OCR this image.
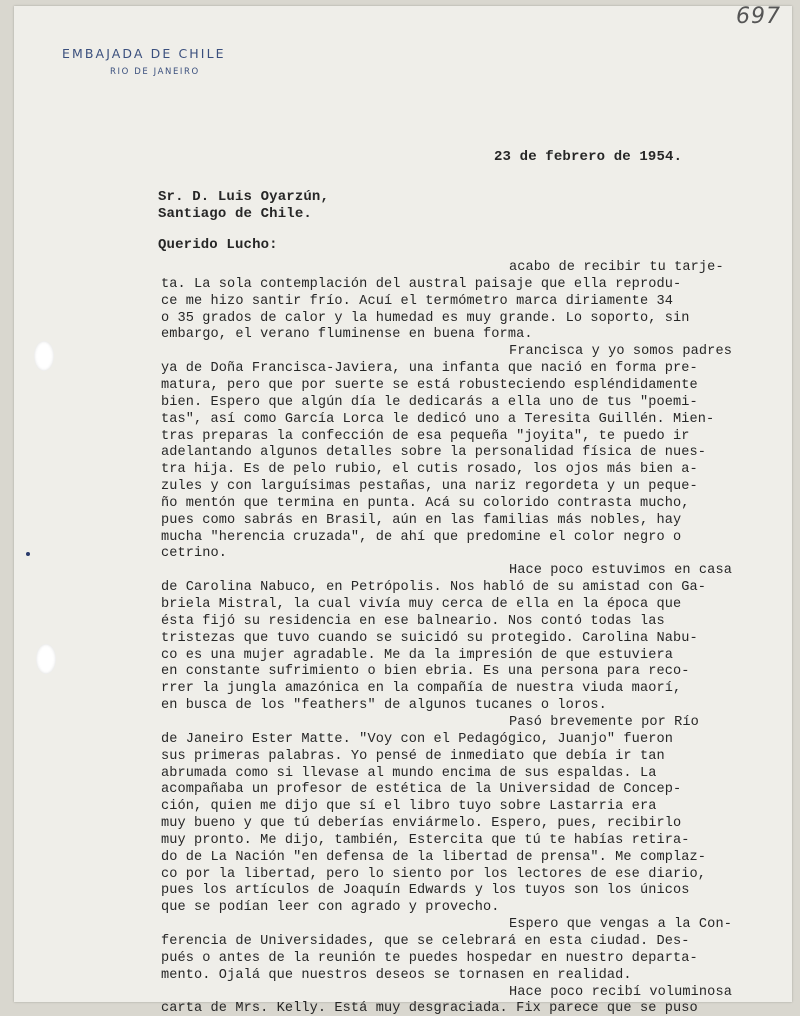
697
EMBAJADA DE CHILE
RIO DE JANEIRO
23 de febrero de 1954.
Sr. D. Luis Oyarzún,
Santiago de Chile.
Querido Lucho:
acabo de recibir tu tarje-
ta. La sola contemplación del austral paisaje que ella reprodu-
ce me hizo santir frío. Acuí el termómetro marca diriamente 34
o 35 grados de calor y la humedad es muy grande. Lo soporto, sin
embargo, el verano fluminense en buena forma.
Francisca y yo somos padres
ya de Doña Francisca-Javiera, una infanta que nació en forma pre-
matura, pero que por suerte se está robusteciendo espléndidamente
bien. Espero que algún día le dedicarás a ella uno de tus "poemi-
tas", así como García Lorca le dedicó uno a Teresita Guillén. Mien-
tras preparas la confección de esa pequeña "joyita", te puedo ir
adelantando algunos detalles sobre la personalidad física de nues-
tra hija. Es de pelo rubio, el cutis rosado, los ojos más bien a-
zules y con larguísimas pestañas, una nariz regordeta y un peque-
ño mentón que termina en punta. Acá su colorido contrasta mucho,
pues como sabrás en Brasil, aún en las familias más nobles, hay
mucha "herencia cruzada", de ahí que predomine el color negro o
cetrino.
Hace poco estuvimos en casa
de Carolina Nabuco, en Petrópolis. Nos habló de su amistad con Ga-
briela Mistral, la cual vivía muy cerca de ella en la época que
ésta fijó su residencia en ese balneario. Nos contó todas las
tristezas que tuvo cuando se suicidó su protegido. Carolina Nabu-
co es una mujer agradable. Me da la impresión de que estuviera
en constante sufrimiento o bien ebria. Es una persona para reco-
rrer la jungla amazónica en la compañía de nuestra viuda maorí,
en busca de los "feathers" de algunos tucanes o loros.
Pasó brevemente por Río
de Janeiro Ester Matte. "Voy con el Pedagógico, Juanjo" fueron
sus primeras palabras. Yo pensé de inmediato que debía ir tan
abrumada como si llevase al mundo encima de sus espaldas. La
acompañaba un profesor de estética de la Universidad de Concep-
ción, quien me dijo que sí el libro tuyo sobre Lastarria era
muy bueno y que tú deberías enviármelo. Espero, pues, recibirlo
muy pronto. Me dijo, también, Estercita que tú te habías retira-
do de La Nación "en defensa de la libertad de prensa". Me complaz-
co por la libertad, pero lo siento por los lectores de ese diario,
pues los artículos de Joaquín Edwards y los tuyos son los únicos
que se podían leer con agrado y provecho.
Espero que vengas a la Con-
ferencia de Universidades, que se celebrará en esta ciudad. Des-
pués o antes de la reunión te puedes hospedar en nuestro departa-
mento. Ojalá que nuestros deseos se tornasen en realidad.
Hace poco recibí voluminosa
carta de Mrs. Kelly. Está muy desgraciada. Fix parece que se puso
